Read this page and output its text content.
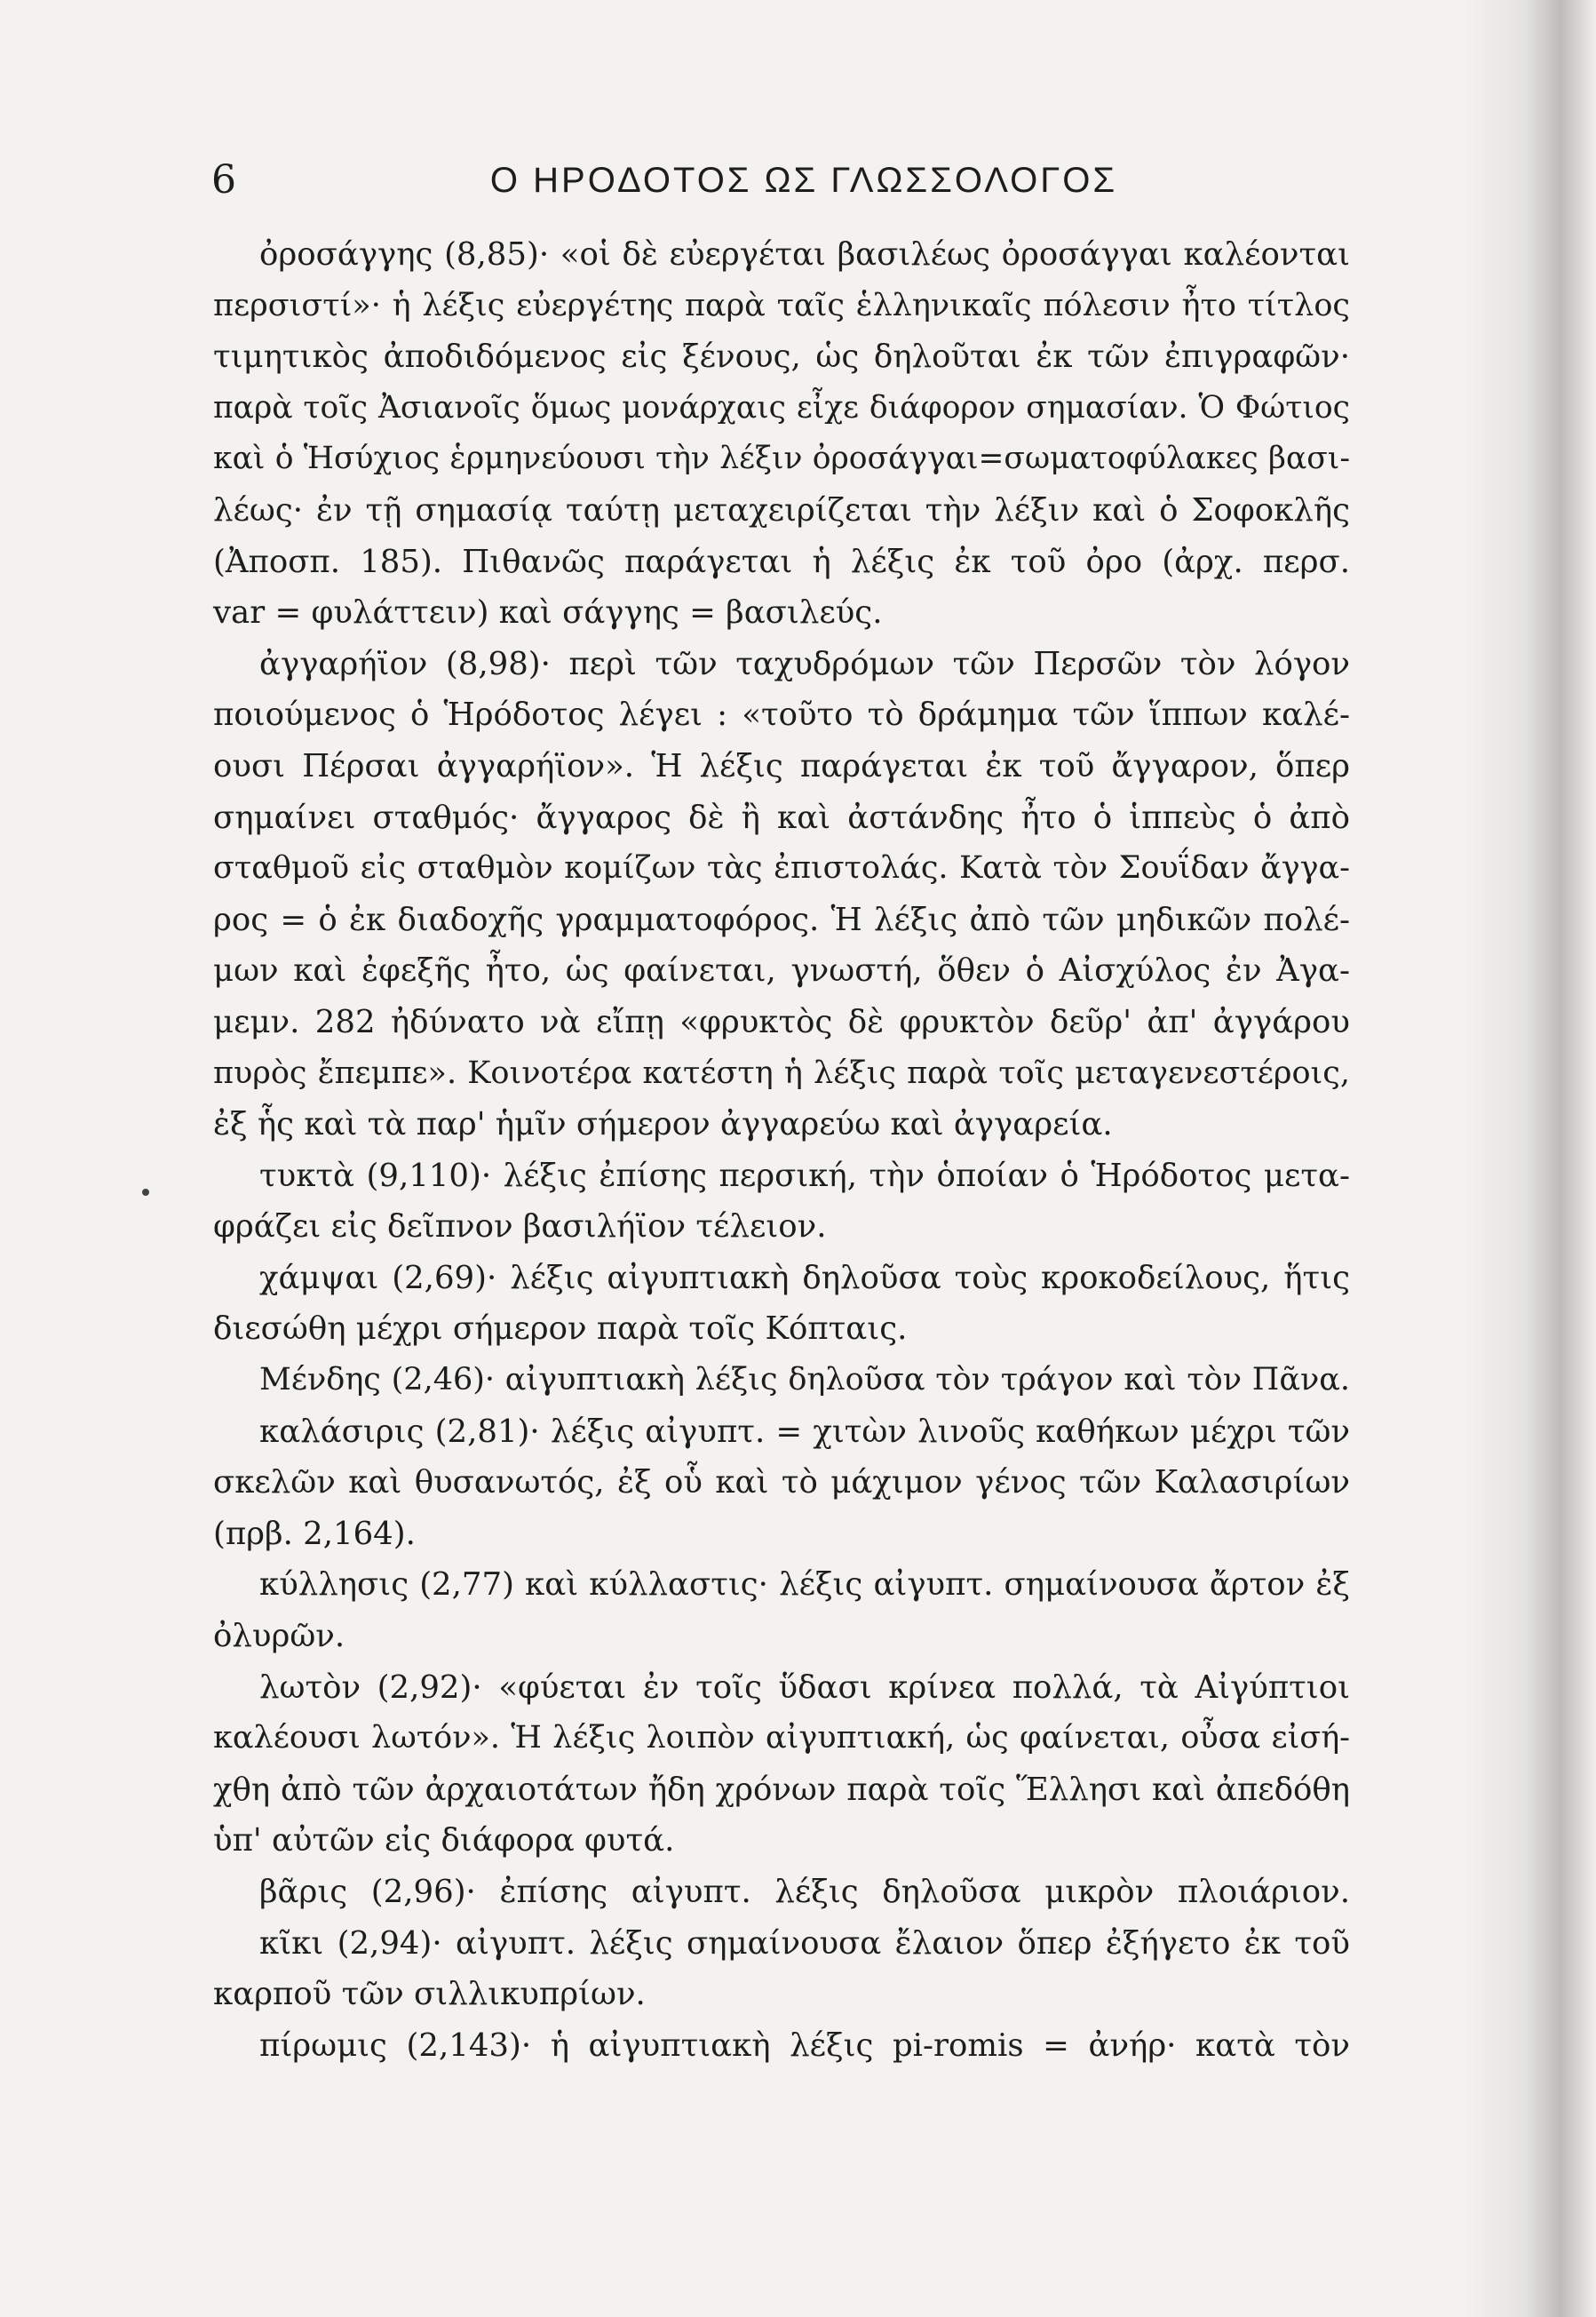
6	Ο ΗΡΟΔΟΤΟΣ ΩΣ ΓΛΩΣΣΟΛΟΓΟΣ
ὀροσάγγης (8,85)· «οἱ δὲ εὐεργέται βασιλέως ὀροσάγγαι καλέονται
περσιστί»· ἡ λέξις εὐεργέτης παρὰ ταῖς ἑλληνικαῖς πόλεσιν ἦτο τίτλος
τιμητικὸς ἀποδιδόμενος εἰς ξένους, ὡς δηλοῦται ἐκ τῶν ἐπιγραφῶν·
παρὰ τοῖς Ἀσιανοῖς ὅμως μονάρχαις εἶχε διάφορον σημασίαν. Ὁ Φώτιος
καὶ ὁ Ἡσύχιος ἑρμηνεύουσι τὴν λέξιν ὀροσάγγαι=σωματοφύλακες βασι-
λέως· ἐν τῇ σημασίᾳ ταύτῃ μεταχειρίζεται τὴν λέξιν καὶ ὁ Σοφοκλῆς
(Ἀποσπ. 185). Πιθανῶς παράγεται ἡ λέξις ἐκ τοῦ ὀρο (ἀρχ. περσ.
var = φυλάττειν) καὶ σάγγης = βασιλεύς.
ἀγγαρήϊον (8,98)· περὶ τῶν ταχυδρόμων τῶν Περσῶν τὸν λόγον
ποιούμενος ὁ Ἡρόδοτος λέγει : «τοῦτο τὸ δράμημα τῶν ἵππων καλέ-
ουσι Πέρσαι ἀγγαρήϊον». Ἡ λέξις παράγεται ἐκ τοῦ ἄγγαρον, ὅπερ
σημαίνει σταθμός· ἄγγαρος δὲ ἢ καὶ ἀστάνδης ἦτο ὁ ἱππεὺς ὁ ἀπὸ
σταθμοῦ εἰς σταθμὸν κομίζων τὰς ἐπιστολάς. Κατὰ τὸν Σουΐδαν ἄγγα-
ρος = ὁ ἐκ διαδοχῆς γραμματοφόρος. Ἡ λέξις ἀπὸ τῶν μηδικῶν πολέ-
μων καὶ ἐφεξῆς ἦτο, ὡς φαίνεται, γνωστή, ὅθεν ὁ Αἰσχύλος ἐν Ἀγα-
μεμν. 282 ἠδύνατο νὰ εἴπῃ «φρυκτὸς δὲ φρυκτὸν δεῦρ' ἀπ' ἀγγάρου
πυρὸς ἔπεμπε». Κοινοτέρα κατέστη ἡ λέξις παρὰ τοῖς μεταγενεστέροις,
ἐξ ἧς καὶ τὰ παρ' ἡμῖν σήμερον ἀγγαρεύω καὶ ἀγγαρεία.
τυκτὰ (9,110)· λέξις ἐπίσης περσική, τὴν ὁποίαν ὁ Ἡρόδοτος μετα-
φράζει εἰς δεῖπνον βασιλήϊον τέλειον.
χάμψαι (2,69)· λέξις αἰγυπτιακὴ δηλοῦσα τοὺς κροκοδείλους, ἥτις
διεσώθη μέχρι σήμερον παρὰ τοῖς Κόπταις.
Μένδης (2,46)· αἰγυπτιακὴ λέξις δηλοῦσα τὸν τράγον καὶ τὸν Πᾶνα.
καλάσιρις (2,81)· λέξις αἰγυπτ. = χιτὼν λινοῦς καθήκων μέχρι τῶν
σκελῶν καὶ θυσανωτός, ἐξ οὗ καὶ τὸ μάχιμον γένος τῶν Καλασιρίων
(πρβ. 2,164).
κύλλησις (2,77) καὶ κύλλαστις· λέξις αἰγυπτ. σημαίνουσα ἄρτον ἐξ
ὀλυρῶν.
λωτὸν (2,92)· «φύεται ἐν τοῖς ὕδασι κρίνεα πολλά, τὰ Αἰγύπτιοι
καλέουσι λωτόν». Ἡ λέξις λοιπὸν αἰγυπτιακή, ὡς φαίνεται, οὖσα εἰσή-
χθη ἀπὸ τῶν ἀρχαιοτάτων ἤδη χρόνων παρὰ τοῖς Ἕλλησι καὶ ἀπεδόθη
ὑπ' αὐτῶν εἰς διάφορα φυτά.
βᾶρις (2,96)· ἐπίσης αἰγυπτ. λέξις δηλοῦσα μικρὸν πλοιάριον.
κῖκι (2,94)· αἰγυπτ. λέξις σημαίνουσα ἔλαιον ὅπερ ἐξήγετο ἐκ τοῦ
καρποῦ τῶν σιλλικυπρίων.
πίρωμις (2,143)· ἡ αἰγυπτιακὴ λέξις pi-romis = ἀνήρ· κατὰ τὸν
